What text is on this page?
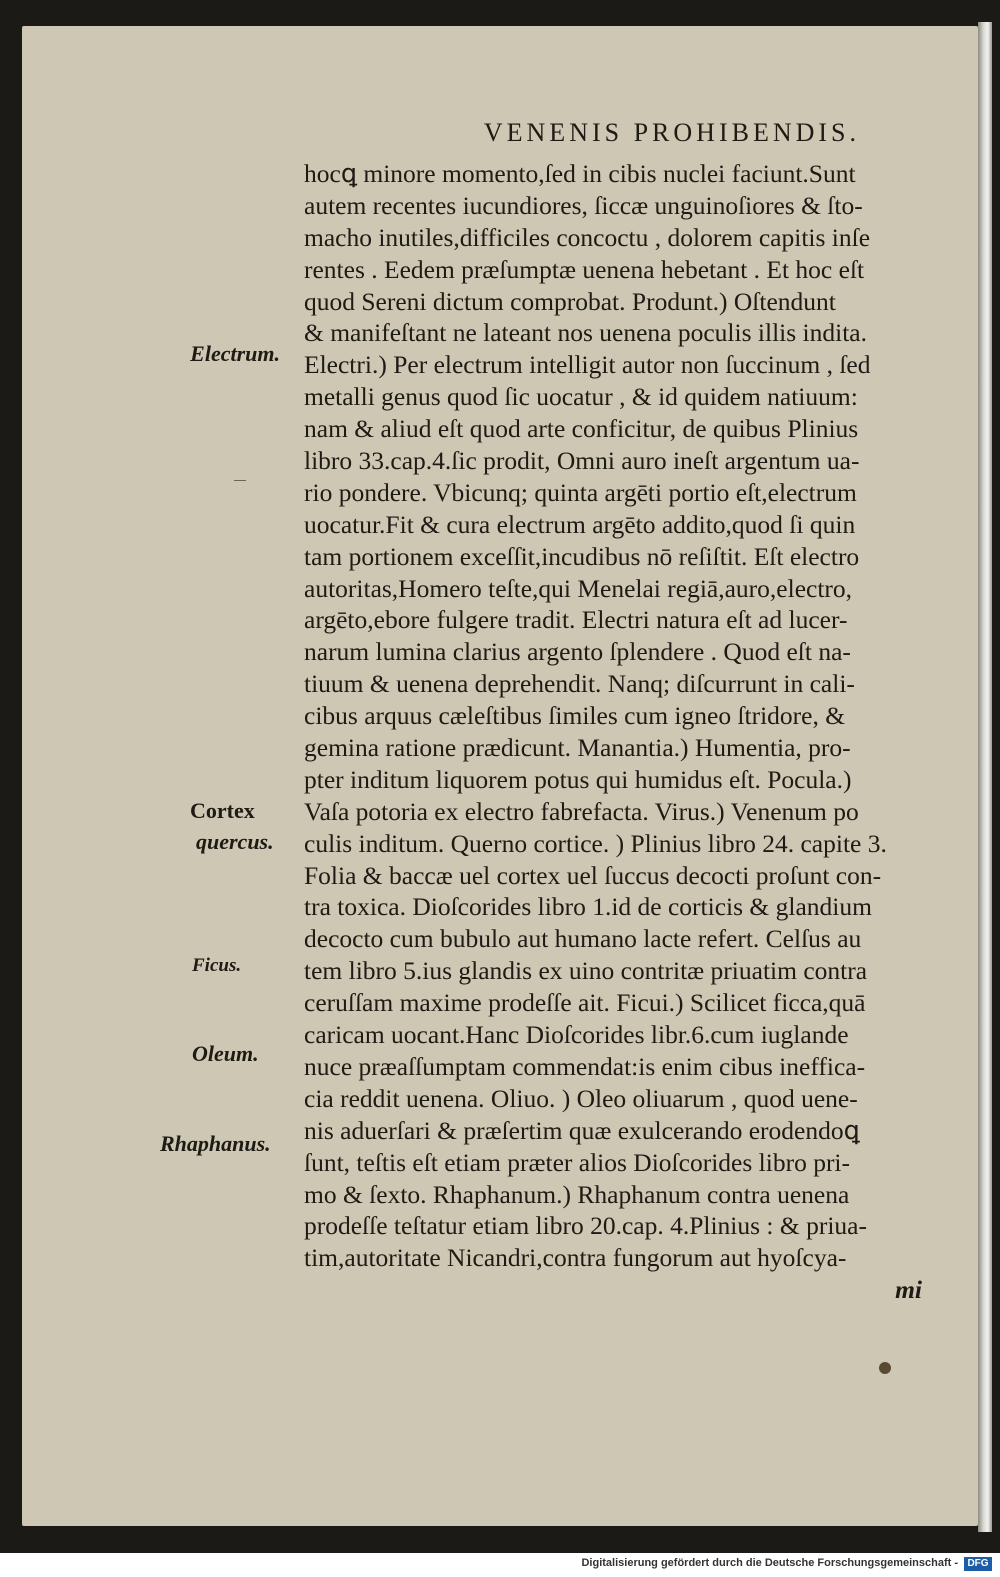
VENENIS PROHIBENDIS.
hocꝗ minore momento,ſed in cibis nuclei faciunt.Sunt
autem recentes iucundiores, ſiccæ unguinoſiores & ſto-
macho inutiles,difficiles concoctu , dolorem capitis inſe
rentes . Eedem præſumptæ uenena hebetant . Et hoc eſt
quod Sereni dictum comprobat. Produnt.) Oſtendunt
& manifeſtant ne lateant nos uenena poculis illis indita.
Electri.) Per electrum intelligit autor non ſuccinum , ſed
metalli genus quod ſic uocatur , & id quidem natiuum:
nam & aliud eſt quod arte conficitur, de quibus Plinius
libro 33.cap.4.ſic prodit, Omni auro ineſt argentum ua-
rio pondere. Vbicunq; quinta argēti portio eſt,electrum
uocatur.Fit & cura electrum argēto addito,quod ſi quin
tam portionem exceſſit,incudibus nō reſiſtit. Eſt electro
autoritas,Homero teſte,qui Menelai regiā,auro,electro,
argēto,ebore fulgere tradit. Electri natura eſt ad lucer-
narum lumina clarius argento ſplendere . Quod eſt na-
tiuum & uenena deprehendit. Nanq; diſcurrunt in cali-
cibus arquus cæleſtibus ſimiles cum igneo ſtridore, &
gemina ratione prædicunt. Manantia.) Humentia, pro-
pter inditum liquorem potus qui humidus eſt. Pocula.)
Vaſa potoria ex electro fabrefacta. Virus.) Venenum po
culis inditum. Querno cortice. ) Plinius libro 24. capite 3.
Folia & baccæ uel cortex uel ſuccus decocti proſunt con-
tra toxica. Dioſcorides libro 1.id de corticis & glandium
decocto cum bubulo aut humano lacte refert. Celſus au
tem libro 5.ius glandis ex uino contritæ priuatim contra
ceruſſam maxime prodeſſe ait. Ficui.) Scilicet ficca,quā
caricam uocant.Hanc Dioſcorides libr.6.cum iuglande
nuce præaſſumptam commendat:is enim cibus ineffica-
cia reddit uenena. Oliuo. ) Oleo oliuarum , quod uene-
nis aduerſari & præſertim quæ exulcerando erodendoꝗ
ſunt, teſtis eſt etiam præter alios Dioſcorides libro pri-
mo & ſexto. Rhaphanum.) Rhaphanum contra uenena
prodeſſe teſtatur etiam libro 20.cap. 4.Plinius : & priua-
tim,autoritate Nicandri,contra fungorum aut hyoſcya-
mi
Electrum.
Cortex
quercus.
Ficus.
Oleum.
Rhaphanus.
Digitalisierung gefördert durch die Deutsche Forschungsgemeinschaft - DFG
